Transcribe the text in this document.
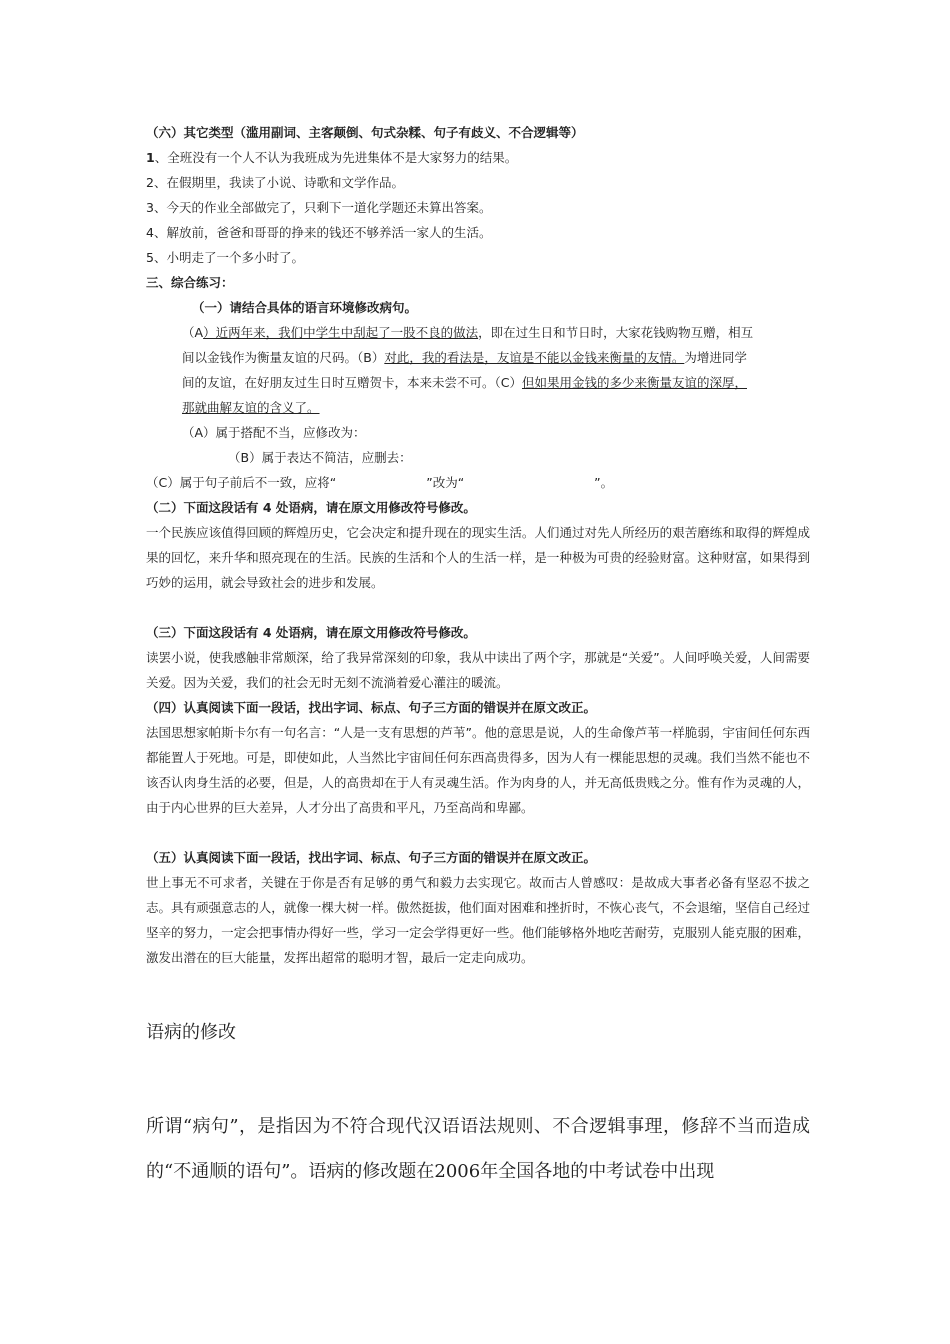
（六）其它类型（滥用副词、主客颠倒、句式杂糅、句子有歧义、不合逻辑等）
1、全班没有一个人不认为我班成为先进集体不是大家努力的结果。
2、在假期里，我读了小说、诗歌和文学作品。
3、今天的作业全部做完了，只剩下一道化学题还未算出答案。
4、解放前，爸爸和哥哥的挣来的钱还不够养活一家人的生活。
5、小明走了一个多小时了。
三、综合练习：
（一）请结合具体的语言环境修改病句。
（A）近两年来，我们中学生中刮起了一股不良的做法，即在过生日和节日时，大家花钱购物互赠，相互
间以金钱作为衡量友谊的尺码。（B）对此，我的看法是，友谊是不能以金钱来衡量的友情。为增进同学
间的友谊，在好朋友过生日时互赠贺卡，本来未尝不可。（C）但如果用金钱的多少来衡量友谊的深厚，
那就曲解友谊的含义了。
（A）属于搭配不当，应修改为：
（B）属于表达不简洁，应删去：
（C）属于句子前后不一致，应将“	”改为“	”。
（二）下面这段话有 4 处语病，请在原文用修改符号修改。
一个民族应该值得回顾的辉煌历史，它会决定和提升现在的现实生活。人们通过对先人所经历的艰苦磨练和取得的辉煌成果的回忆，来升华和照亮现在的生活。民族的生活和个人的生活一样，是一种极为可贵的经验财富。这种财富，如果得到巧妙的运用，就会导致社会的进步和发展。
（三）下面这段话有 4 处语病，请在原文用修改符号修改。
读罢小说，使我感触非常颇深，给了我异常深刻的印象，我从中读出了两个字，那就是“关爱”。人间呼唤关爱，人间需要关爱。因为关爱，我们的社会无时无刻不流淌着爱心灌注的暖流。
（四）认真阅读下面一段话，找出字词、标点、句子三方面的错误并在原文改正。
法国思想家帕斯卡尔有一句名言：“人是一支有思想的芦苇”。他的意思是说，人的生命像芦苇一样脆弱，宇宙间任何东西都能置人于死地。可是，即使如此，人当然比宇宙间任何东西高贵得多，因为人有一棵能思想的灵魂。我们当然不能也不该否认肉身生活的必要，但是，人的高贵却在于人有灵魂生活。作为肉身的人，并无高低贵贱之分。惟有作为灵魂的人，由于内心世界的巨大差异，人才分出了高贵和平凡，乃至高尚和卑鄙。
（五）认真阅读下面一段话，找出字词、标点、句子三方面的错误并在原文改正。
世上事无不可求者，关键在于你是否有足够的勇气和毅力去实现它。故而古人曾感叹：是故成大事者必备有坚忍不拔之志。具有顽强意志的人，就像一棵大树一样。傲然挺拔，他们面对困难和挫折时，不恢心丧气，不会退缩，坚信自己经过坚辛的努力，一定会把事情办得好一些，学习一定会学得更好一些。他们能够格外地吃苦耐劳，克服别人能克服的困难，激发出潜在的巨大能量，发挥出超常的聪明才智，最后一定走向成功。
语病的修改
所谓“病句”，是指因为不符合现代汉语语法规则、不合逻辑事理，修辞不当而造成的“不通顺的语句”。语病的修改题在2006年全国各地的中考试卷中出现
